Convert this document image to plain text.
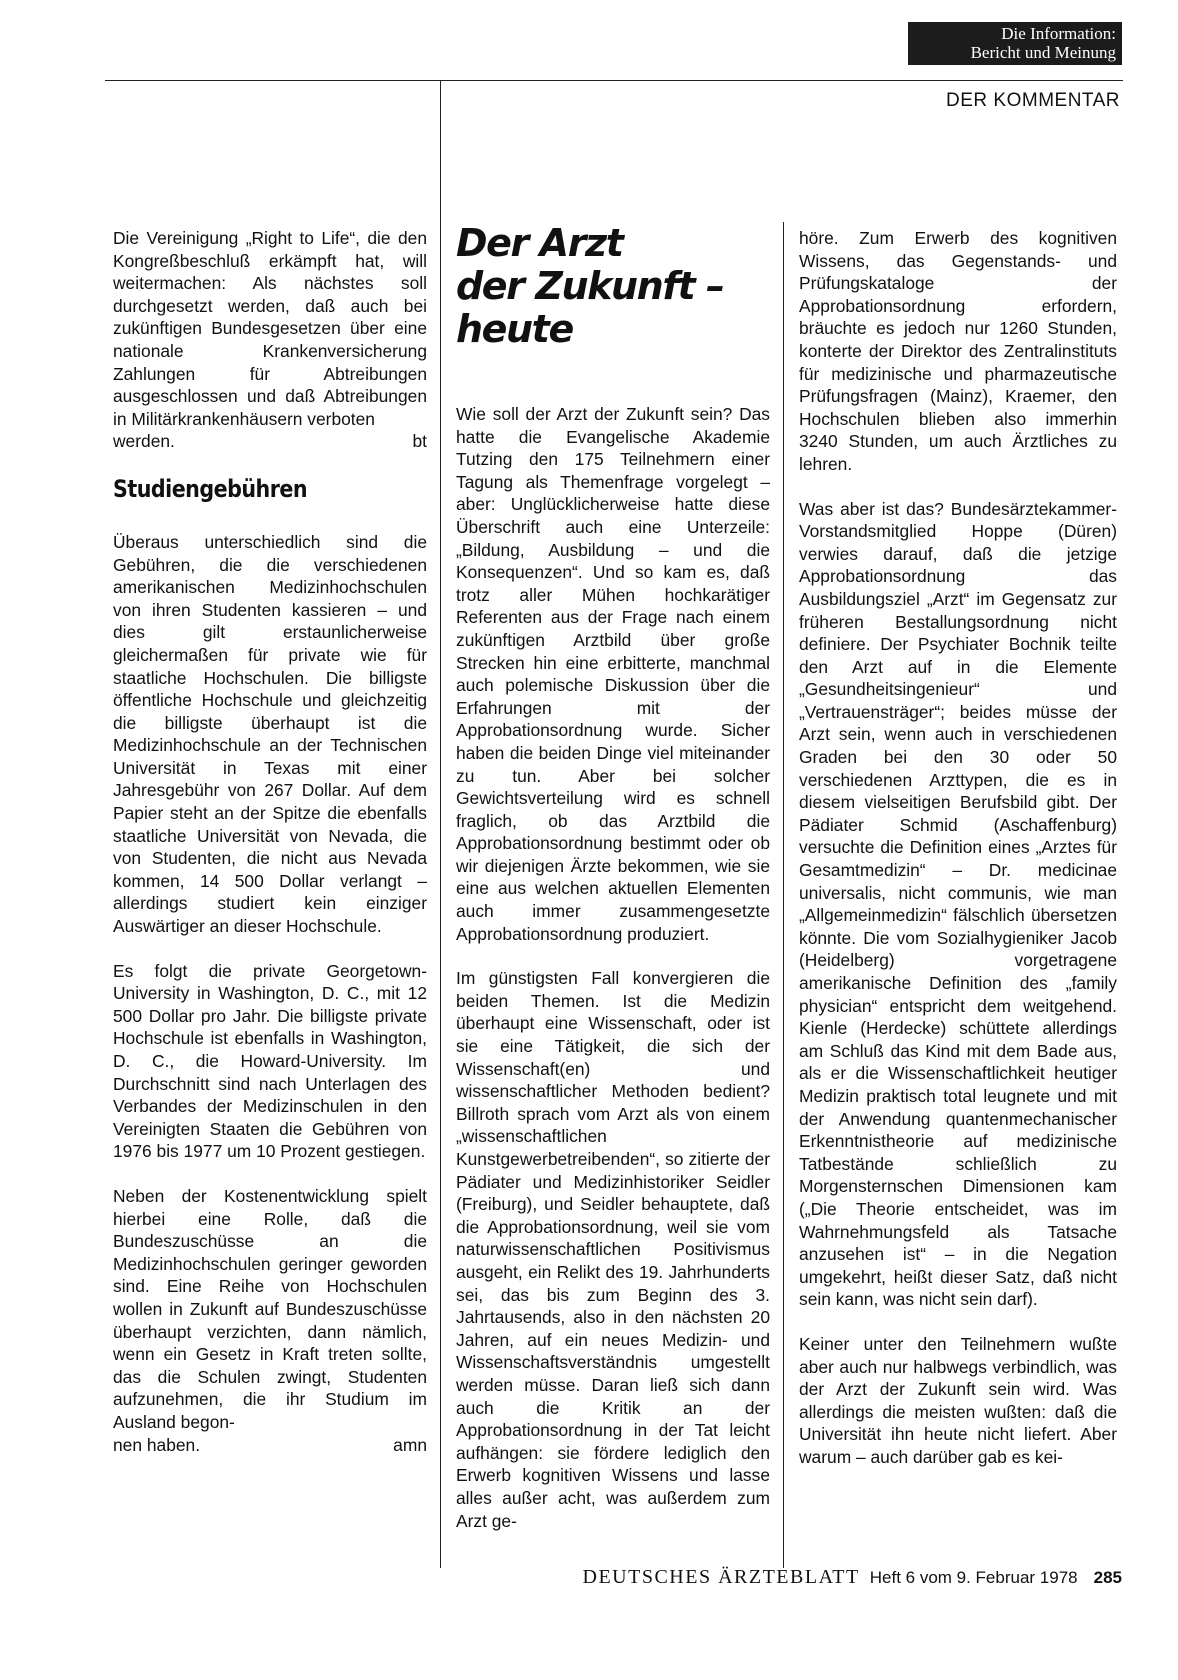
Die Information:
Bericht und Meinung
DER KOMMENTAR

Die Vereinigung „Right to Life“, die den Kongreßbeschluß erkämpft hat, will weitermachen: Als nächstes soll durchgesetzt werden, daß auch bei zukünftigen Bundesgesetzen über eine nationale Krankenversicherung Zahlungen für Abtreibungen ausgeschlossen und daß Abtreibungen in Militärkrankenhäusern verboten
werden.	bt

Studiengebühren

Überaus unterschiedlich sind die Gebühren, die die verschiedenen amerikanischen Medizinhochschulen von ihren Studenten kassieren – und dies gilt erstaunlicherweise gleichermaßen für private wie für staatliche Hochschulen. Die billigste öffentliche Hochschule und gleichzeitig die billigste überhaupt ist die Medizinhochschule an der Technischen Universität in Texas mit einer Jahresgebühr von 267 Dollar. Auf dem Papier steht an der Spitze die ebenfalls staatliche Universität von Nevada, die von Studenten, die nicht aus Nevada kommen, 14 500 Dollar verlangt – allerdings studiert kein einziger Auswärtiger an dieser Hochschule.

Es folgt die private Georgetown-University in Washington, D. C., mit 12 500 Dollar pro Jahr. Die billigste private Hochschule ist ebenfalls in Washington, D. C., die Howard-University. Im Durchschnitt sind nach Unterlagen des Verbandes der Medizinschulen in den Vereinigten Staaten die Gebühren von 1976 bis 1977 um 10 Prozent gestiegen.

Neben der Kostenentwicklung spielt hierbei eine Rolle, daß die Bundeszuschüsse an die Medizinhochschulen geringer geworden sind. Eine Reihe von Hochschulen wollen in Zukunft auf Bundeszuschüsse überhaupt verzichten, dann nämlich, wenn ein Gesetz in Kraft treten sollte, das die Schulen zwingt, Studenten aufzunehmen, die ihr Studium im Ausland begon-
nen haben.	amn

Der Arzt
der Zukunft –
heute

Wie soll der Arzt der Zukunft sein? Das hatte die Evangelische Akademie Tutzing den 175 Teilnehmern einer Tagung als Themenfrage vorgelegt – aber: Unglücklicherweise hatte diese Überschrift auch eine Unterzeile: „Bildung, Ausbildung – und die Konsequenzen“. Und so kam es, daß trotz aller Mühen hochkarätiger Referenten aus der Frage nach einem zukünftigen Arztbild über große Strecken hin eine erbitterte, manchmal auch polemische Diskussion über die Erfahrungen mit der Approbationsordnung wurde. Sicher haben die beiden Dinge viel miteinander zu tun. Aber bei solcher Gewichtsverteilung wird es schnell fraglich, ob das Arztbild die Approbationsordnung bestimmt oder ob wir diejenigen Ärzte bekommen, wie sie eine aus welchen aktuellen Elementen auch immer zusammengesetzte Approbationsordnung produziert.

Im günstigsten Fall konvergieren die beiden Themen. Ist die Medizin überhaupt eine Wissenschaft, oder ist sie eine Tätigkeit, die sich der Wissenschaft(en) und wissenschaftlicher Methoden bedient? Billroth sprach vom Arzt als von einem „wissenschaftlichen Kunstgewerbetreibenden“, so zitierte der Pädiater und Medizinhistoriker Seidler (Freiburg), und Seidler behauptete, daß die Approbationsordnung, weil sie vom naturwissenschaftlichen Positivismus ausgeht, ein Relikt des 19. Jahrhunderts sei, das bis zum Beginn des 3. Jahrtausends, also in den nächsten 20 Jahren, auf ein neues Medizin- und Wissenschaftsverständnis umgestellt werden müsse. Daran ließ sich dann auch die Kritik an der Approbationsordnung in der Tat leicht aufhängen: sie fördere lediglich den Erwerb kognitiven Wissens und lasse alles außer acht, was außerdem zum Arzt ge-

höre. Zum Erwerb des kognitiven Wissens, das Gegenstands- und Prüfungskataloge der Approbationsordnung erfordern, bräuchte es jedoch nur 1260 Stunden, konterte der Direktor des Zentralinstituts für medizinische und pharmazeutische Prüfungsfragen (Mainz), Kraemer, den Hochschulen blieben also immerhin 3240 Stunden, um auch Ärztliches zu lehren.

Was aber ist das? Bundesärztekammer-Vorstandsmitglied Hoppe (Düren) verwies darauf, daß die jetzige Approbationsordnung das Ausbildungsziel „Arzt“ im Gegensatz zur früheren Bestallungsordnung nicht definiere. Der Psychiater Bochnik teilte den Arzt auf in die Elemente „Gesundheitsingenieur“ und „Vertrauensträger“; beides müsse der Arzt sein, wenn auch in verschiedenen Graden bei den 30 oder 50 verschiedenen Arzttypen, die es in diesem vielseitigen Berufsbild gibt. Der Pädiater Schmid (Aschaffenburg) versuchte die Definition eines „Arztes für Gesamtmedizin“ – Dr. medicinae universalis, nicht communis, wie man „Allgemeinmedizin“ fälschlich übersetzen könnte. Die vom Sozialhygieniker Jacob (Heidelberg) vorgetragene amerikanische Definition des „family physician“ entspricht dem weitgehend. Kienle (Herdecke) schüttete allerdings am Schluß das Kind mit dem Bade aus, als er die Wissenschaftlichkeit heutiger Medizin praktisch total leugnete und mit der Anwendung quantenmechanischer Erkenntnistheorie auf medizinische Tatbestände schließlich zu Morgensternschen Dimensionen kam („Die Theorie entscheidet, was im Wahrnehmungsfeld als Tatsache anzusehen ist“ – in die Negation umgekehrt, heißt dieser Satz, daß nicht sein kann, was nicht sein darf).

Keiner unter den Teilnehmern wußte aber auch nur halbwegs verbindlich, was der Arzt der Zukunft sein wird. Was allerdings die meisten wußten: daß die Universität ihn heute nicht liefert. Aber warum – auch darüber gab es kei-

DEUTSCHES ÄRZTEBLATT Heft 6 vom 9. Februar 1978 285
